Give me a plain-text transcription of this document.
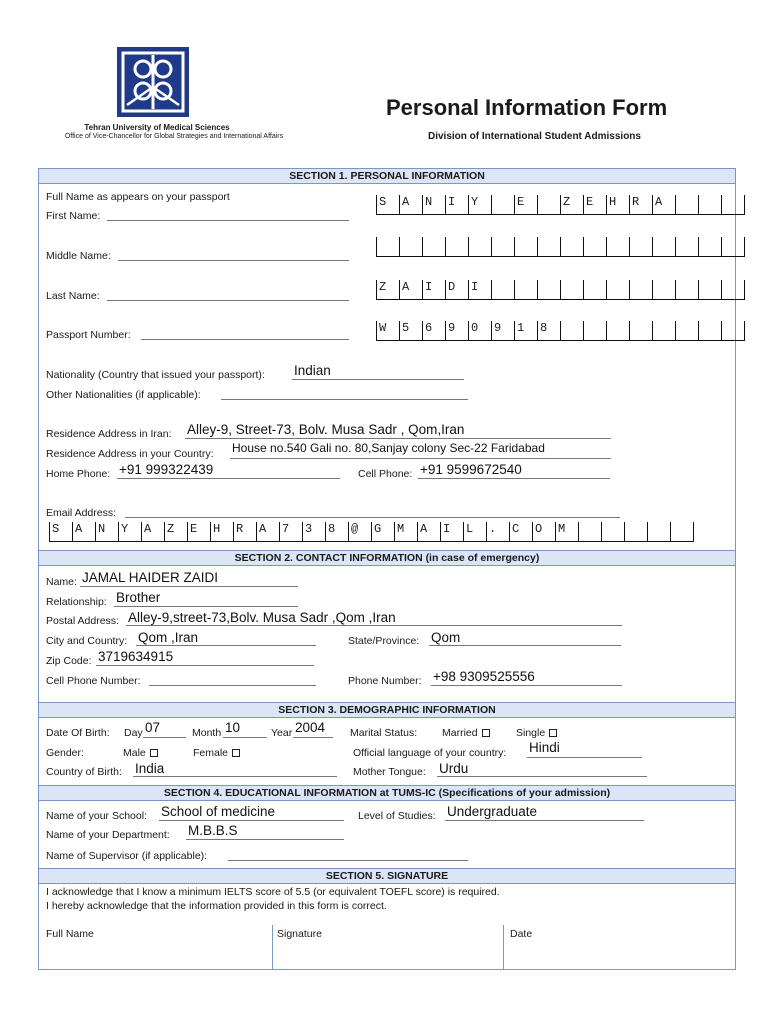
Tehran University of Medical Sciences
Office of Vice-Chancellor for Global Strategies and International Affairs
Personal Information Form
Division of International Student Admissions
SECTION 1. PERSONAL INFORMATION
Full Name as appears on your passport
First Name:
S	A	N	I	Y	E	Z	E	H	R	A
Middle Name:
Last Name:
Z	A	I	D	I
Passport Number:	W	5	6	9	0	9	1	8
Nationality (Country that issued your passport): Indian
Other Nationalities (if applicable):
Residence Address in Iran: Alley-9, Street-73, Bolv. Musa Sadr , Qom,Iran
Residence Address in your Country: House no.540 Gali no. 80,Sanjay colony Sec-22 Faridabad
Home Phone: +91 999322439	Cell Phone: +91 9599672540
Email Address:
S	A	N	Y	A	Z	E	H	R	A	7	3	8	@	G	M	A	I	L	.	C	O	M
SECTION 2. CONTACT INFORMATION (in case of emergency)
Name: JAMAL HAIDER ZAIDI
Relationship: Brother
Postal Address: Alley-9,street-73,Bolv. Musa Sadr ,Qom ,Iran
City and Country: Qom ,Iran	State/Province: Qom
Zip Code: 3719634915
Cell Phone Number:	Phone Number: +98 9309525556
SECTION 3. DEMOGRAPHIC INFORMATION
Date Of Birth: Day 07	Month 10	Year 2004 Marital Status: Married	Single
Gender:	Male	Female	Official language of your country: Hindi
Country of Birth: India	Mother Tongue: Urdu
SECTION 4. EDUCATIONAL INFORMATION at TUMS-IC (Specifications of your admission)
Name of your School: School of medicine	Level of Studies: Undergraduate
Name of your Department: M.B.B.S
Name of Supervisor (if applicable):
SECTION 5. SIGNATURE
I acknowledge that I know a minimum IELTS score of 5.5 (or equivalent TOEFL score) is required.
I hereby acknowledge that the information provided in this form is correct.
Full Name	Signature	Date
